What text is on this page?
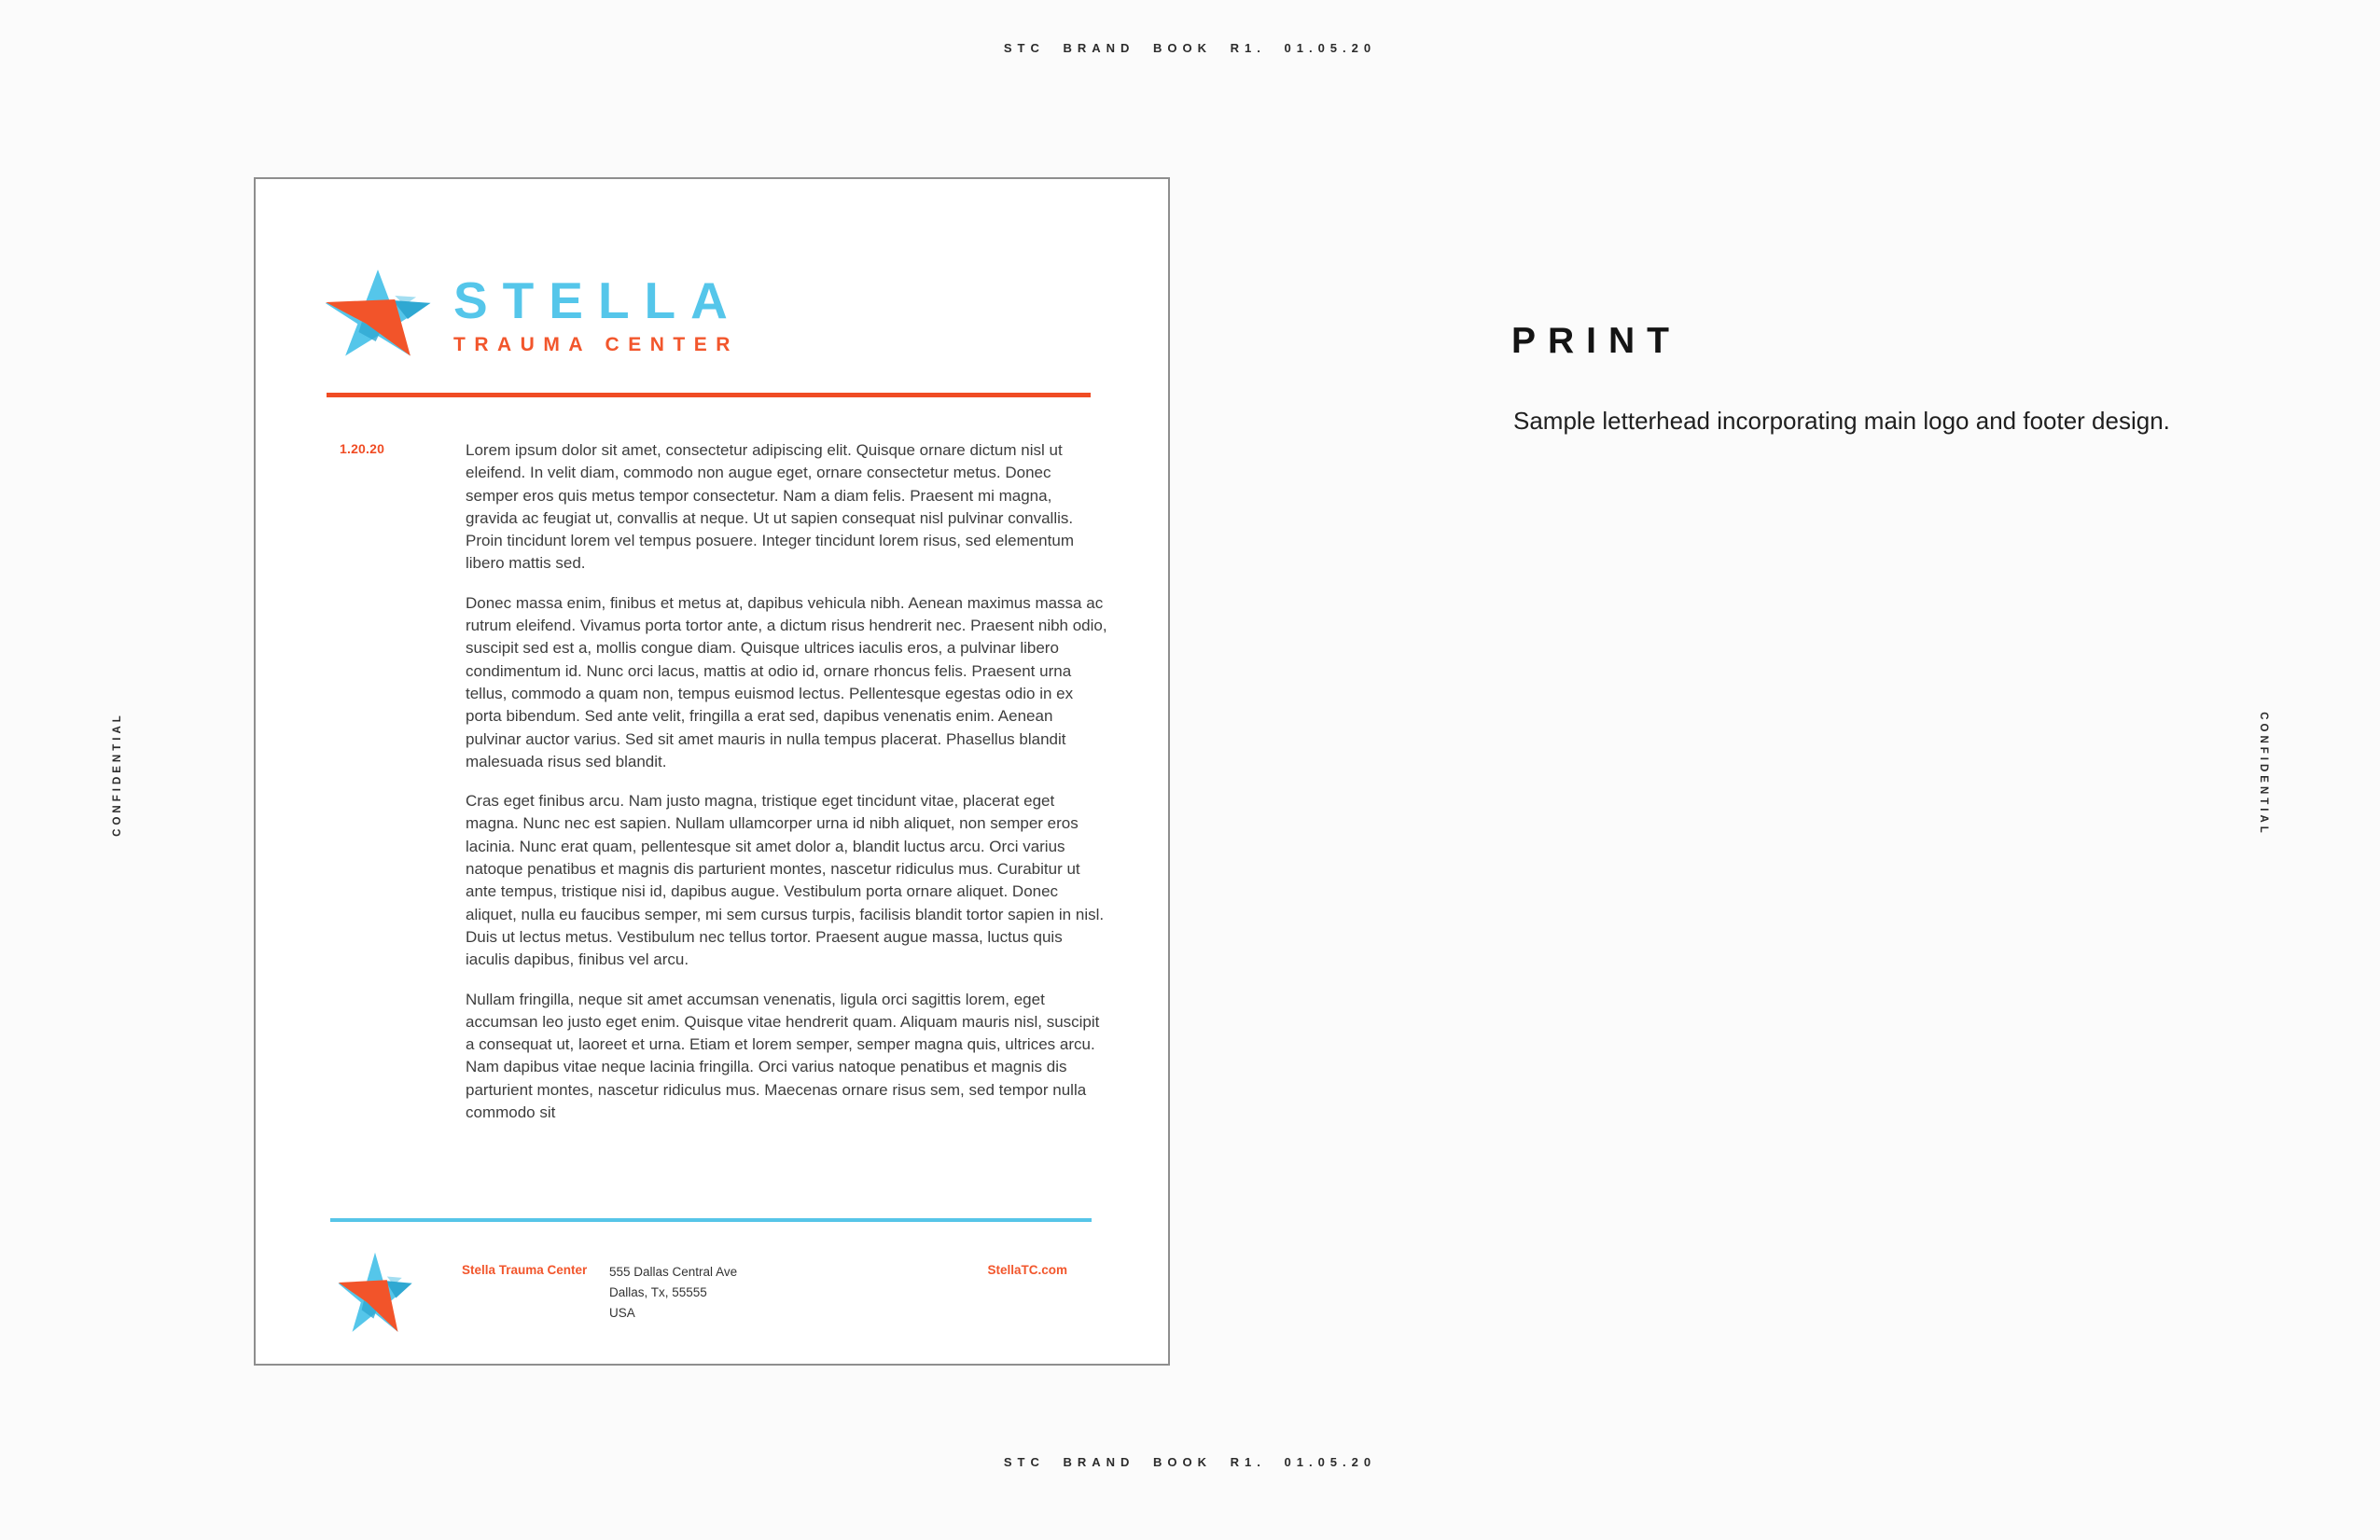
STC BRAND BOOK R1. 01.05.20
CONFIDENTIAL	CONFIDENTIAL
STELLA
TRAUMA CENTER
1.20.20	Lorem ipsum dolor sit amet, consectetur adipiscing elit. Quisque ornare dictum nisl ut eleifend. In velit diam, commodo non augue eget, ornare consectetur metus. Donec semper eros quis metus tempor consectetur. Nam a diam felis. Praesent mi magna, gravida ac feugiat ut, convallis at neque. Ut ut sapien consequat nisl pulvinar convallis. Proin tincidunt lorem vel tempus posuere. Integer tincidunt lorem risus, sed elementum libero mattis sed.

Donec massa enim, finibus et metus at, dapibus vehicula nibh. Aenean maximus massa ac rutrum eleifend. Vivamus porta tortor ante, a dictum risus hendrerit nec. Praesent nibh odio, suscipit sed est a, mollis congue diam. Quisque ultrices iaculis eros, a pulvinar libero condimentum id. Nunc orci lacus, mattis at odio id, ornare rhoncus felis. Praesent urna tellus, commodo a quam non, tempus euismod lectus. Pellentesque egestas odio in ex porta bibendum. Sed ante velit, fringilla a erat sed, dapibus venenatis enim. Aenean pulvinar auctor varius. Sed sit amet mauris in nulla tempus placerat. Phasellus blandit malesuada risus sed blandit.

Cras eget finibus arcu. Nam justo magna, tristique eget tincidunt vitae, placerat eget magna. Nunc nec est sapien. Nullam ullamcorper urna id nibh aliquet, non semper eros lacinia. Nunc erat quam, pellentesque sit amet dolor a, blandit luctus arcu. Orci varius natoque penatibus et magnis dis parturient montes, nascetur ridiculus mus. Curabitur ut ante tempus, tristique nisi id, dapibus augue. Vestibulum porta ornare aliquet. Donec aliquet, nulla eu faucibus semper, mi sem cursus turpis, facilisis blandit tortor sapien in nisl. Duis ut lectus metus. Vestibulum nec tellus tortor. Praesent augue massa, luctus quis iaculis dapibus, finibus vel arcu.

Nullam fringilla, neque sit amet accumsan venenatis, ligula orci sagittis lorem, eget accumsan leo justo eget enim. Quisque vitae hendrerit quam. Aliquam mauris nisl, suscipit a consequat ut, laoreet et urna. Etiam et lorem semper, semper magna quis, ultrices arcu. Nam dapibus vitae neque lacinia fringilla. Orci varius natoque penatibus et magnis dis parturient montes, nascetur ridiculus mus. Maecenas ornare risus sem, sed tempor nulla commodo sit

Stella Trauma Center 555 Dallas Central Ave
Dallas, Tx, 55555
USA
StellaTC.com
PRINT
Sample letterhead incorporating main logo and footer design.
STC BRAND BOOK R1. 01.05.20
